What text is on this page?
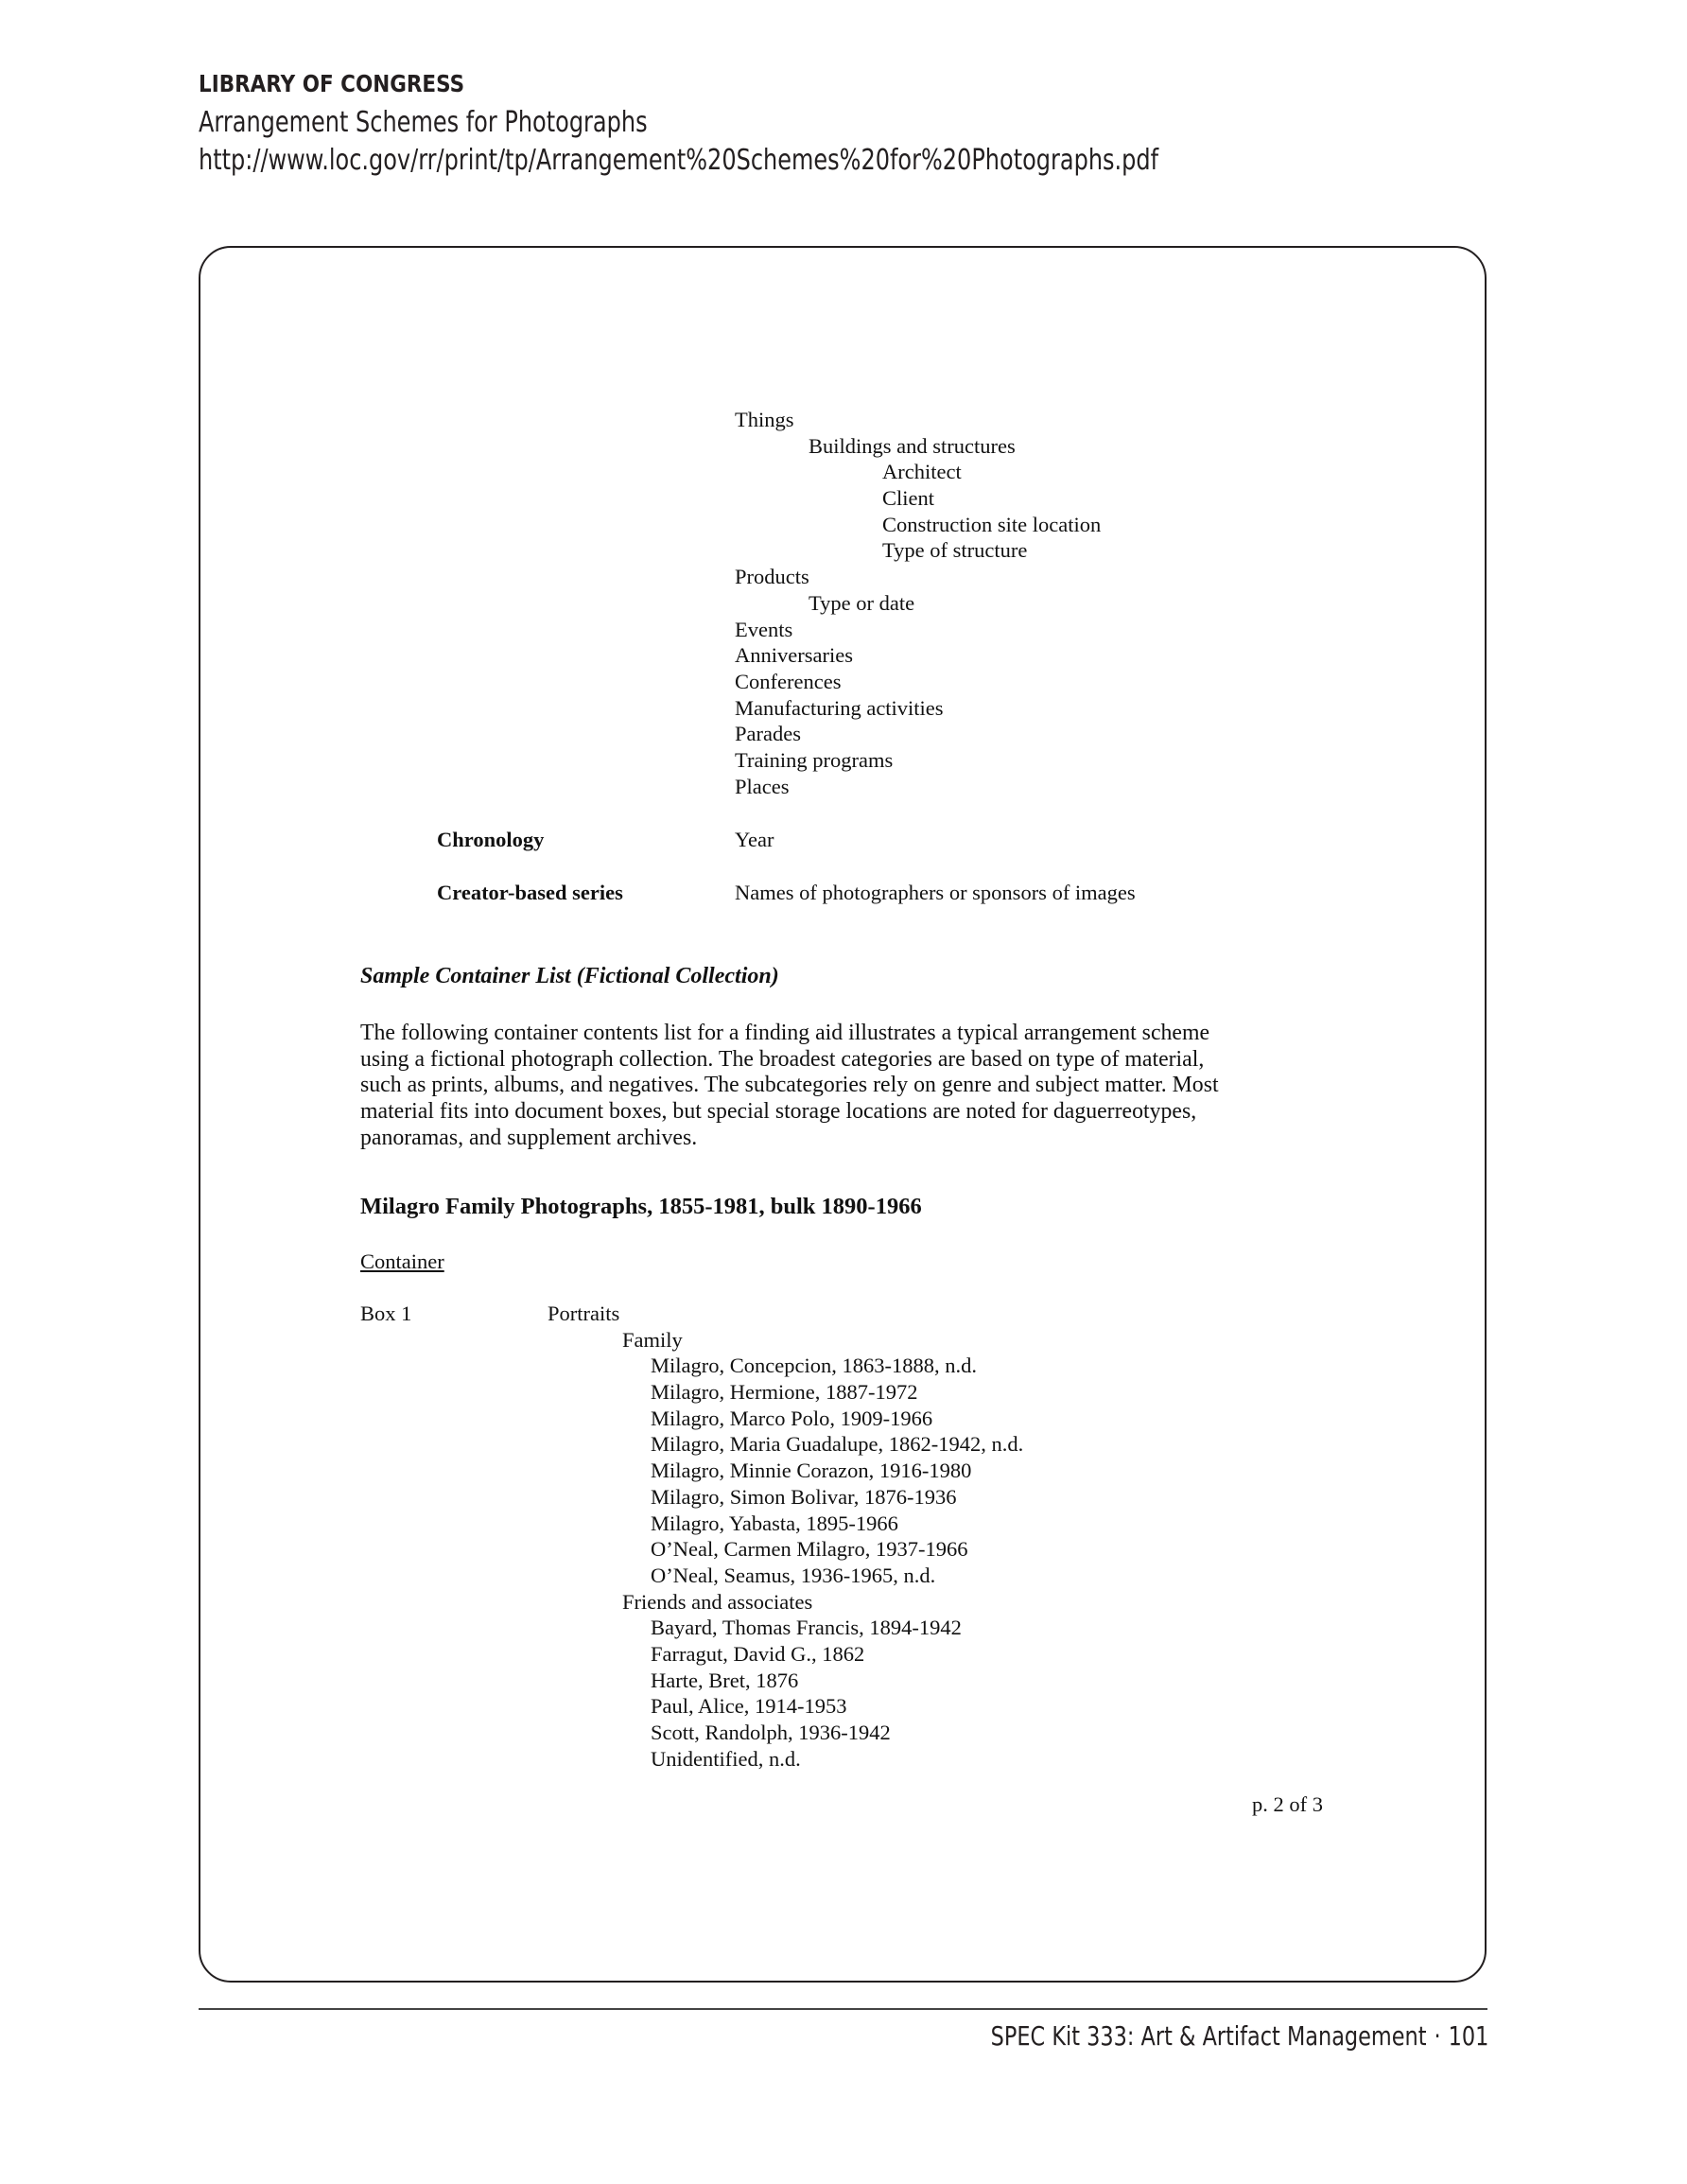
LIBRARY OF CONGRESS
Arrangement Schemes for Photographs
http://www.loc.gov/rr/print/tp/Arrangement%20Schemes%20for%20Photographs.pdf
Things
Buildings and structures
Architect
Client
Construction site location
Type of structure
Products
Type or date
Events
Anniversaries
Conferences
Manufacturing activities
Parades
Training programs
Places
Chronology	Year
Creator-based series	Names of photographers or sponsors of images
Sample Container List (Fictional Collection)
The following container contents list for a finding aid illustrates a typical arrangement scheme
using a fictional photograph collection. The broadest categories are based on type of material,
such as prints, albums, and negatives. The subcategories rely on genre and subject matter. Most
material fits into document boxes, but special storage locations are noted for daguerreotypes,
panoramas, and supplement archives.
Milagro Family Photographs, 1855-1981, bulk 1890-1966
Container
Box 1	Portraits
Family
Milagro, Concepcion, 1863-1888, n.d.
Milagro, Hermione, 1887-1972
Milagro, Marco Polo, 1909-1966
Milagro, Maria Guadalupe, 1862-1942, n.d.
Milagro, Minnie Corazon, 1916-1980
Milagro, Simon Bolivar, 1876-1936
Milagro, Yabasta, 1895-1966
O’Neal, Carmen Milagro, 1937-1966
O’Neal, Seamus, 1936-1965, n.d.
Friends and associates
Bayard, Thomas Francis, 1894-1942
Farragut, David G., 1862
Harte, Bret, 1876
Paul, Alice, 1914-1953
Scott, Randolph, 1936-1942
Unidentified, n.d.
p. 2 of 3
SPEC Kit 333: Art & Artifact Management · 101
